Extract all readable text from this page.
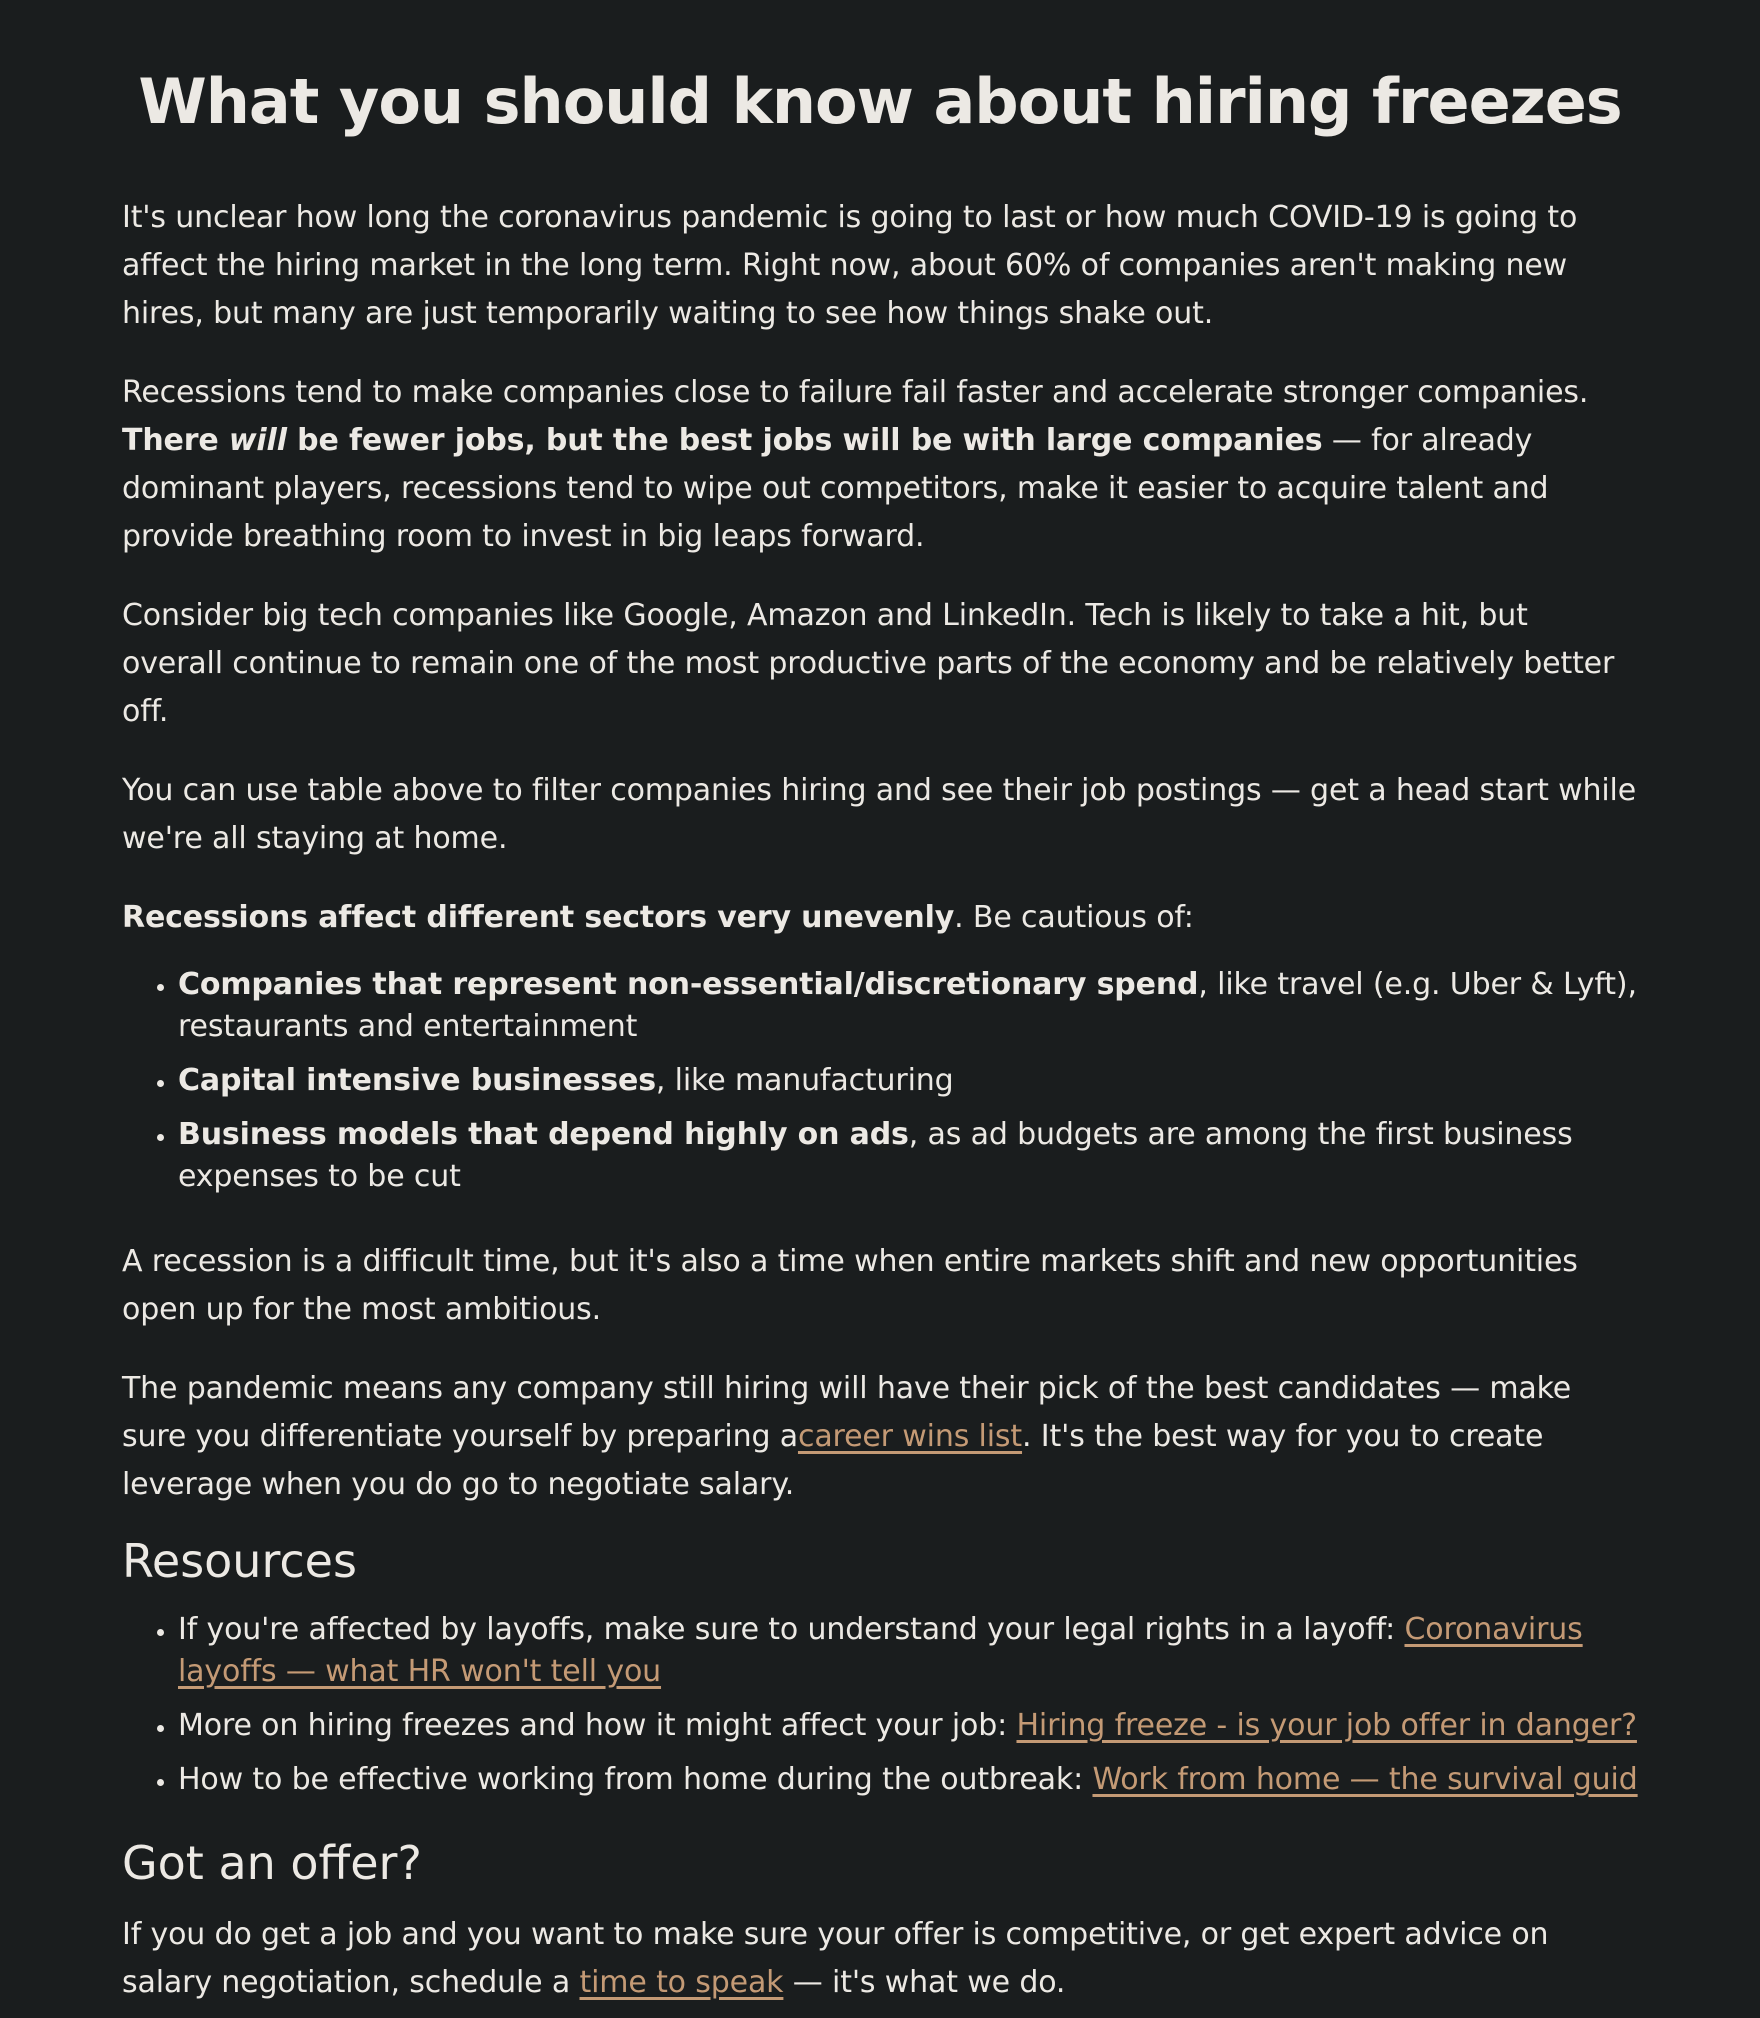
What you should know about hiring freezes

It's unclear how long the coronavirus pandemic is going to last or how much COVID-19 is going to affect the hiring market in the long term. Right now, about 60% of companies aren't making new hires, but many are just temporarily waiting to see how things shake out.

Recessions tend to make companies close to failure fail faster and accelerate stronger companies. There will be fewer jobs, but the best jobs will be with large companies — for already dominant players, recessions tend to wipe out competitors, make it easier to acquire talent and provide breathing room to invest in big leaps forward.

Consider big tech companies like Google, Amazon and LinkedIn. Tech is likely to take a hit, but overall continue to remain one of the most productive parts of the economy and be relatively better off.

You can use table above to filter companies hiring and see their job postings — get a head start while we're all staying at home.

Recessions affect different sectors very unevenly. Be cautious of:

• Companies that represent non-essential/discretionary spend, like travel (e.g. Uber & Lyft), restaurants and entertainment
• Capital intensive businesses, like manufacturing
• Business models that depend highly on ads, as ad budgets are among the first business expenses to be cut

A recession is a difficult time, but it's also a time when entire markets shift and new opportunities open up for the most ambitious.

The pandemic means any company still hiring will have their pick of the best candidates — make sure you differentiate yourself by preparing acareer wins list. It's the best way for you to create leverage when you do go to negotiate salary.

Resources
• If you're affected by layoffs, make sure to understand your legal rights in a layoff: Coronavirus layoffs — what HR won't tell you
• More on hiring freezes and how it might affect your job: Hiring freeze - is your job offer in danger?
• How to be effective working from home during the outbreak: Work from home — the survival guid
Got an offer?

If you do get a job and you want to make sure your offer is competitive, or get expert advice on salary negotiation, schedule a time to speak — it's what we do.
